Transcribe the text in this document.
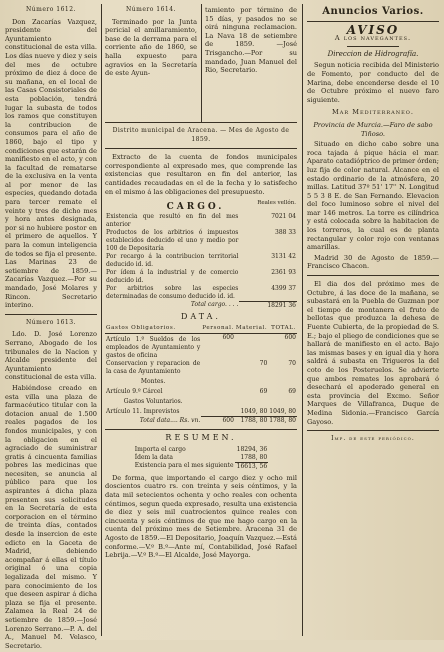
Número 1612.

Don Zacarías Vazquez, presidente del Ayuntamiento constitucional de esta villa. Los días nueve y diez y seis del mes de octubre próximo de diez á doce de su mañana, en el local de las Casas Consistoriales de esta población, tendrá lugar la subasta de todos los ramos que constituyen la contribucion de consumos para el año de 1860, bajo el tipo y condiciones que estarán de manifiesto en el acto, y con la facultad de rematarse de la exclusiva en la venta al por menor de las especies, quedando dotada para tercer remate el veinte y tres de dicho mes y hora antes designada, por si no hubiere postor en el primero de aquellos. Y para la comun inteligencia de todos se fija el presente. Las Marinas 23 de setiembre de 1859.—Zacarías Vazquez.—Por su mandado, José Molares y Rincon. Secretario interino.

Número 1613.

Ldo. D. José Lorenzo Serrano, Abogado de los tribunales de la Nacion y Alcalde presidente del Ayuntamiento constitucional de esta villa.

Habiéndose creado en esta villa una plaza de farmacéutico titular con la dotacion anual de 1.500 reales pagados de los fondos municipales, y con la obligacion en el agraciado de suministrar gratis á cincuenta familias pobres las medicinas que necesiten, se anuncia al público para que los aspirantes á dicha plaza presenten sus solicitudes en la Secretaría de esta corporacion en el término de treinta días, contados desde la insercion de este edicto en la Gaceta de Madrid, debiendo acompañar á ellas el título original ó una copia legalizada del mismo. Y para conocimiento de los que deseen aspirar á dicha plaza se fija el presente. Zalamea la Real 24 de setiembre de 1859.—José Lorenzo Serrano.—P. A. del A., Manuel M. Velasco, Secretario.

Número 1614.

Terminado por la Junta pericial el amillaramiento, base de la derrama para el corriente año de 1860, se halla expuesto para agravios en la Secretaría de este Ayun-

tamiento por término de 15 días, y pasados no se oirá ninguna reclamacion. La Nava 18 de setiembre de 1859. —José Trisgancho.—Por su mandado, Juan Manuel del Rio, Secretario.

Distrito municipal de Aracena. — Mes de Agosto de 1859.

Extracto de la cuenta de fondos municipales correspondiente al expresado mes, que comprende las existencias que resultaron en fin del anterior, las cantidades recaudadas en el de la fecha y lo satisfecho en el mismo á las obligaciones del presupuesto.

CARGO.	Reales vellón.
Existencia que resultó en fin del mes anterior	7021 04
Productos de los arbitrios ó impuestos establecidos deducido el uno y medio por 100 de Depositaría	388 33
Por recargo á la contribucion territorial deducido id. id.	3131 42
Por ídem á la industrial y de comercio deducido id.	2361 93
Por arbitrios sobre las especies determinadas de consumo deducido id. id.	4399 37
Total cargo. . . .	18291 36
DATA.
Gastos Obligatorios.	Personal.	Material.	TOTAL.
Artículo 1.º Sueldos de los empleados de Ayuntamiento y gastos de oficina	600		600
Conservacion y reparacion de la casa de Ayuntamiento		70	70
Montes.			
Artículo 9.º Cárcel		69	69
Gastos Voluntarios.			
Artículo 11. Imprevistos		1049, 80	1049, 80
Total data.... Rs. vn.	600	1788, 80	1788, 80
RESUMEN.
Importa el cargo	18294, 36
Ídem la data	1788, 80
Existencia para el mes siguiente	16613, 56

De forma, que importando el cargo diez y ocho mil doscientos cuatro rs. con treinta y seis céntimos, y la data mil setecientos ochenta y ocho reales con ochenta céntimos, segun queda expresado, resulta una existencia de diez y seis mil cuatrocientos quince reales con cincuenta y seis céntimos de que me hago cargo en la cuenta del próximo mes de Setiembre. Aracena 31 de Agosto de 1859.—El Depositario, Joaquín Vazquez.—Está conforme.—V.º B.º—Ante mí, Contabilidad, José Rafael Lebrija.—V.º B.º—El Alcalde, José Mayorga.

Anuncios Varios.
AVISO
A los navegantes.
Direccion de Hidrografía.

Segun noticia recibida del Ministerio de Fomento, por conducto del de Marina, debe encenderse desde el 10 de Octubre próximo el nuevo faro siguiente.

Mar Mediterraneo.

Provincia de Murcia.—Faro de sabo Tiñoso.

Situado en dicho cabo sobre una roca tajada á pique hácia el mar. Aparato catadióptrico de primer órden; luz fija de color natural. Alcance en el estado ordinario de la atmósfera, 20 millas. Latitud 37º 51' 17'' N. Longitud 5 5 3 8 E. de San Fernando. Elevacion del foco luminoso sobre el nivel del mar 146 metros. La torre es cilíndrica y está colocada sobre la habitacion de los torreros, la cual es de planta rectangular y color rojo con ventanas amarillas.

Madrid 30 de Agosto de 1859.—Francisco Chacon.

El dia dos del próximo mes de Octubre, á las doce de la mañana, se subastará en la Puebla de Guzman por el tiempo de montanera el fruto de bellotas que produzca la dehesa de Fuente Cubierta, de la propiedad de S. E.; bajo el pliego de condiciones que se hallará de manifiesto en el acto. Bajo las mismas bases y en igual dia y hora saldrá á subasta en Trigueros la del coto de los Posteruelos. Se advierte que ambos remates los aprobará ó desechará el apoderado general en esta provincia del Excmo. Señor Marques de Villafranca, Duque de Medina Sidonia.—Francisco García Gayoso.

Imp. de este periódico.
